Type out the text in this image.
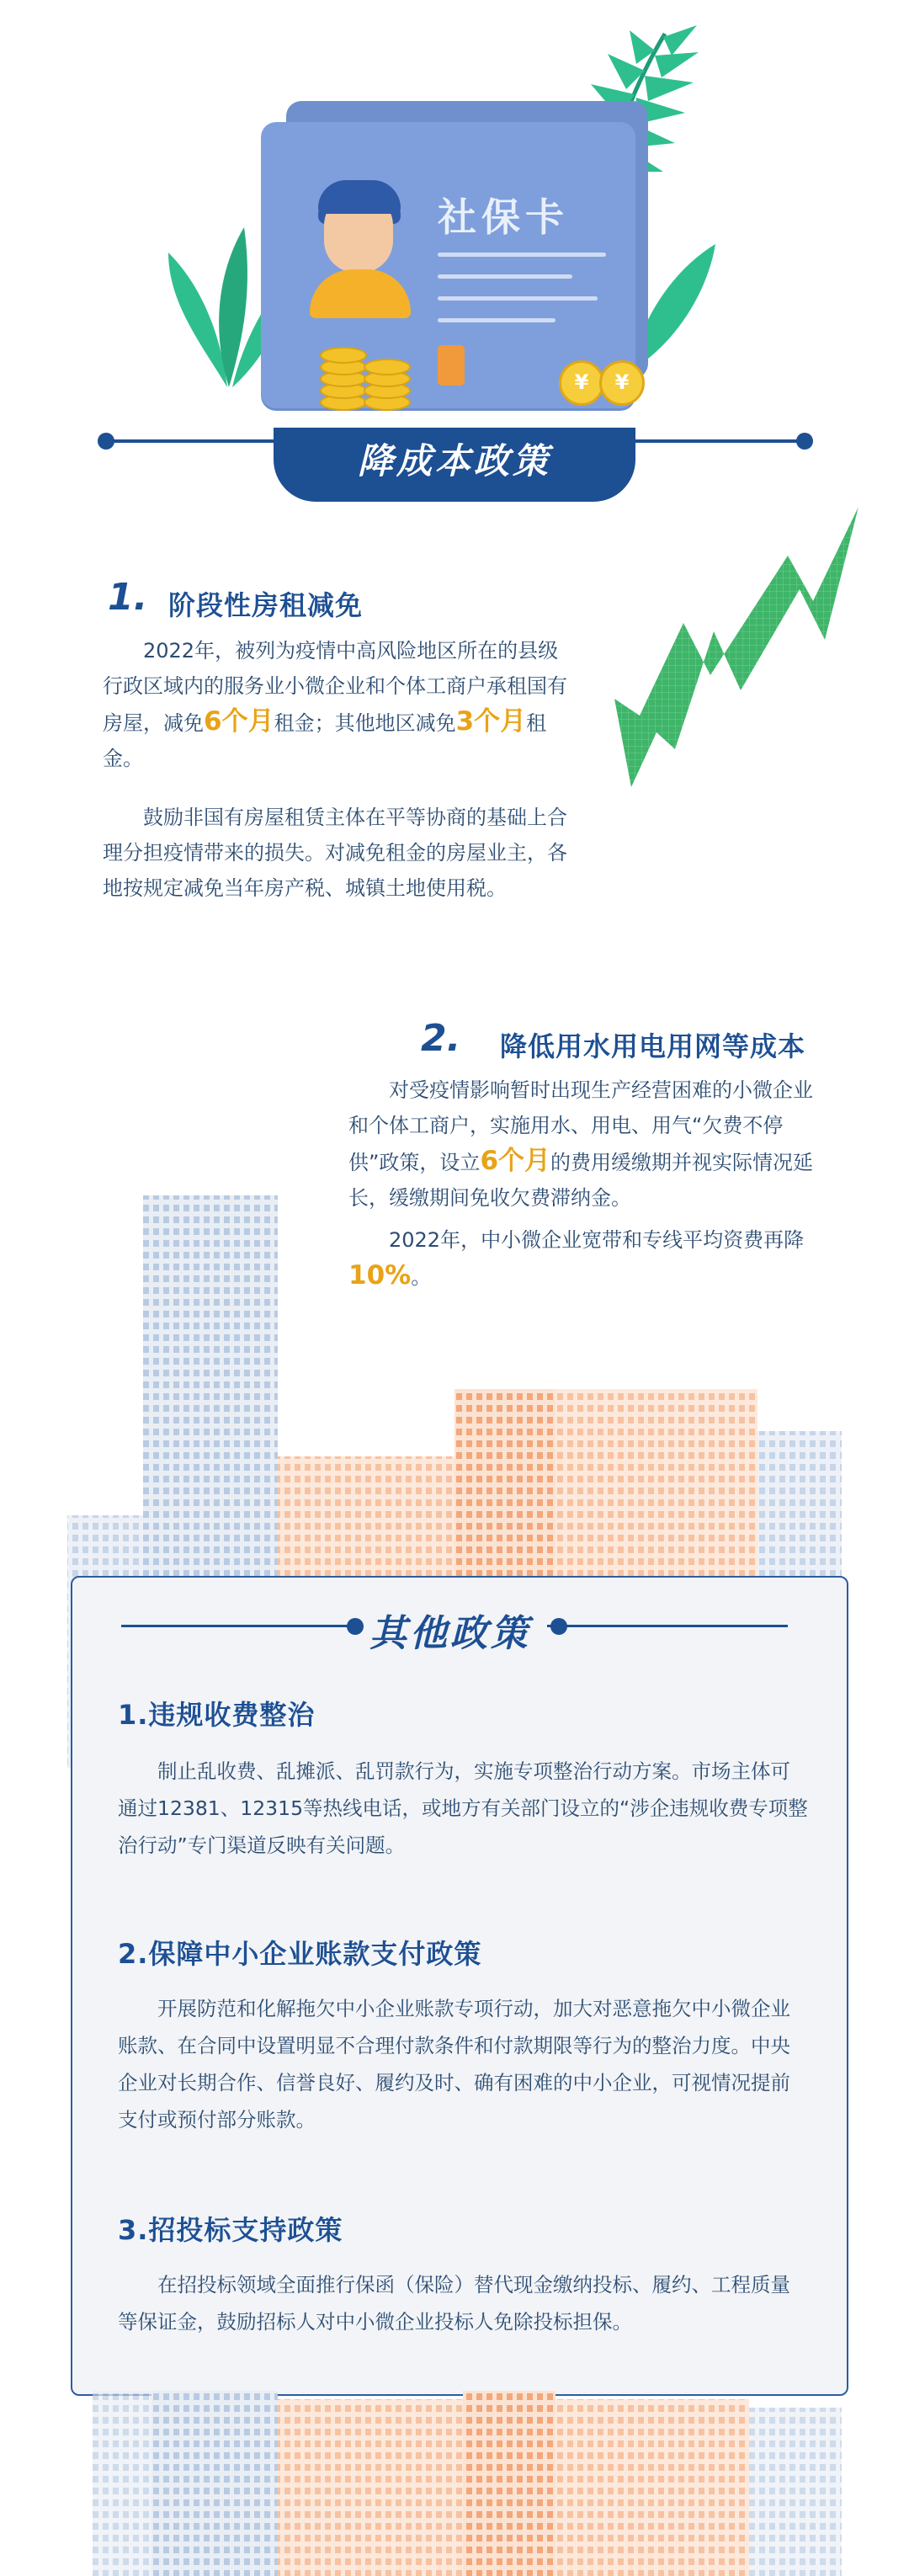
社保卡
¥	¥
降成本政策
1. 阶段性房租减免

2022年，被列为疫情中高风险地区所在的县级行政区域内的服务业小微企业和个体工商户承租国有房屋，减免6个月租金；其他地区减免3个月租金。

鼓励非国有房屋租赁主体在平等协商的基础上合理分担疫情带来的损失。对减免租金的房屋业主，各地按规定减免当年房产税、城镇土地使用税。

2. 降低用水用电用网等成本

对受疫情影响暂时出现生产经营困难的小微企业和个体工商户，实施用水、用电、用气“欠费不停供”政策，设立6个月的费用缓缴期并视实际情况延长，缓缴期间免收欠费滞纳金。

2022年，中小微企业宽带和专线平均资费再降10%。

其他政策
1.违规收费整治

制止乱收费、乱摊派、乱罚款行为，实施专项整治行动方案。市场主体可通过12381、12315等热线电话，或地方有关部门设立的“涉企违规收费专项整治行动”专门渠道反映有关问题。

2.保障中小企业账款支付政策

开展防范和化解拖欠中小企业账款专项行动，加大对恶意拖欠中小微企业账款、在合同中设置明显不合理付款条件和付款期限等行为的整治力度。中央企业对长期合作、信誉良好、履约及时、确有困难的中小企业，可视情况提前支付或预付部分账款。

3.招投标支持政策

在招投标领域全面推行保函（保险）替代现金缴纳投标、履约、工程质量等保证金，鼓励招标人对中小微企业投标人免除投标担保。
